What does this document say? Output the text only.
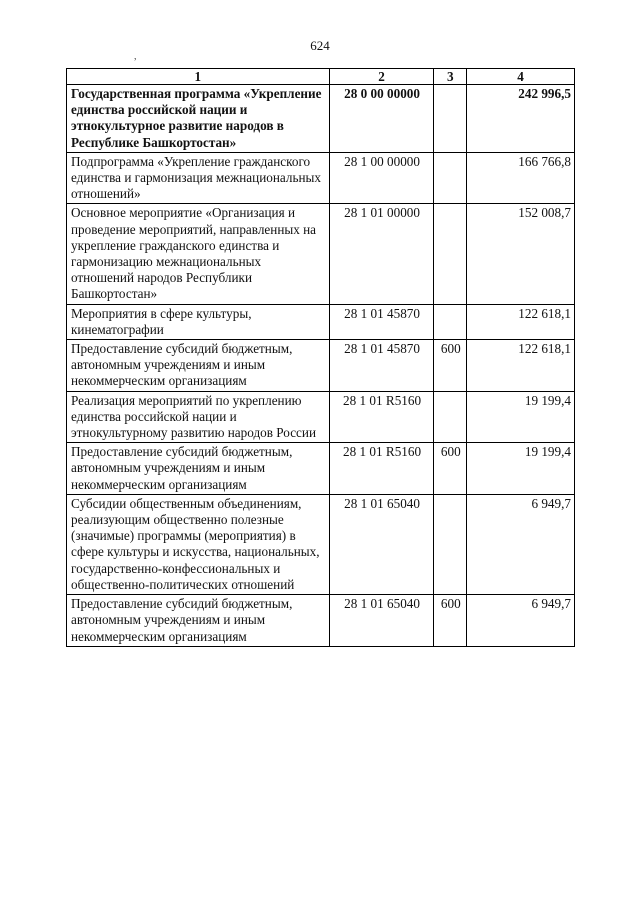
624
,
1	2	3	4
Государственная программа «Укрепление единства российской нации и этнокультурное развитие народов в Республике Башкортостан»	28 0 00 00000		242 996,5
Подпрограмма «Укрепление гражданского единства и гармонизация межнациональных отношений»	28 1 00 00000		166 766,8
Основное мероприятие «Организация и проведение мероприятий, направленных на укрепление гражданского единства и гармонизацию межнациональных отношений народов Республики Башкортостан»	28 1 01 00000		152 008,7
Мероприятия в сфере культуры, кинематографии	28 1 01 45870		122 618,1
Предоставление субсидий бюджетным, автономным учреждениям и иным некоммерческим организациям	28 1 01 45870	600	122 618,1
Реализация мероприятий по укреплению единства российской нации и этнокультурному развитию народов России	28 1 01 R5160		19 199,4
Предоставление субсидий бюджетным, автономным учреждениям и иным некоммерческим организациям	28 1 01 R5160	600	19 199,4
Субсидии общественным объединениям, реализующим общественно полезные (значимые) программы (мероприятия) в сфере культуры и искусства, национальных, государственно-конфессиональных и общественно-политических отношений	28 1 01 65040		6 949,7
Предоставление субсидий бюджетным, автономным учреждениям и иным некоммерческим организациям	28 1 01 65040	600	6 949,7
